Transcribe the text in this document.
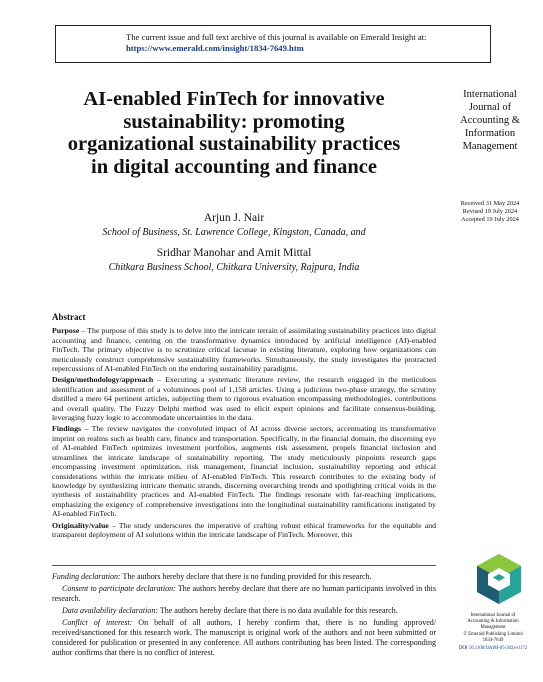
The current issue and full text archive of this journal is available on Emerald Insight at:
https://www.emerald.com/insight/1834-7649.htm
AI-enabled FinTech for innovative sustainability: promoting organizational sustainability practices in digital accounting and finance
Arjun J. Nair
School of Business, St. Lawrence College, Kingston, Canada, and
Sridhar Manohar and Amit Mittal
Chitkara Business School, Chitkara University, Rajpura, India
International
Journal of
Accounting &
Information
Management
Received 31 May 2024
Revised 19 July 2024
Accepted 19 July 2024
Abstract

Purpose – The purpose of this study is to delve into the intricate terrain of assimilating sustainability practices into digital accounting and finance, centring on the transformative dynamics introduced by artificial intelligence (AI)-enabled FinTech. The primary objective is to scrutinize critical lacunae in existing literature, exploring how organizations can meticulously construct comprehensive sustainability frameworks. Simultaneously, the study investigates the protracted repercussions of AI-enabled FinTech on the enduring sustainability paradigms.

Design/methodology/approach – Executing a systematic literature review, the research engaged in the meticulous identification and assessment of a voluminous pool of 1,158 articles. Using a judicious two-phase strategy, the scrutiny distilled a mere 64 pertinent articles, subjecting them to rigorous evaluation encompassing methodologies, contributions and overall quality. The Fuzzy Delphi method was used to elicit expert opinions and facilitate consensus-building, leveraging fuzzy logic to accommodate uncertainties in the data.

Findings – The review navigates the convoluted impact of AI across diverse sectors, accentuating its transformative imprint on realms such as health care, finance and transportation. Specifically, in the financial domain, the discerning eye of AI-enabled FinTech optimizes investment portfolios, augments risk assessment, propels financial inclusion and streamlines the intricate landscape of sustainability reporting. The study meticulously pinpoints research gaps encompassing investment optimization, risk management, financial inclusion, sustainability reporting and ethical considerations within the intricate milieu of AI-enabled FinTech. This research contributes to the existing body of knowledge by synthesizing intricate thematic strands, discerning overarching trends and spotlighting critical voids in the synthesis of sustainability practices and AI-enabled FinTech. The findings resonate with far-reaching implications, emphasizing the exigency of comprehensive investigations into the longitudinal sustainability ramifications instigated by AI-enabled FinTech.

Originality/value – The study underscores the imperative of crafting robust ethical frameworks for the equitable and transparent deployment of AI solutions within the intricate landscape of FinTech. Moreover, this

Funding declaration: The authors hereby declare that there is no funding provided for this research.

Consent to participate declaration: The authors hereby declare that there are no human participants involved in this research.

Data availability declaration: The authors hereby declare that there is no data available for this research.

Conflict of interest: On behalf of all authors, I hereby confirm that, there is no funding approved/ received/sanctioned for this research work. The manuscript is original work of the authors and not been submitted or considered for publication or presented in any conference. All authors contributing has been listed. The corresponding author confirms that there is no conflict of interest.

International Journal of
Accounting & Information
Management
© Emerald Publishing Limited
1834-7649
DOI 10.1108/IJAIM-05-2024-0172
